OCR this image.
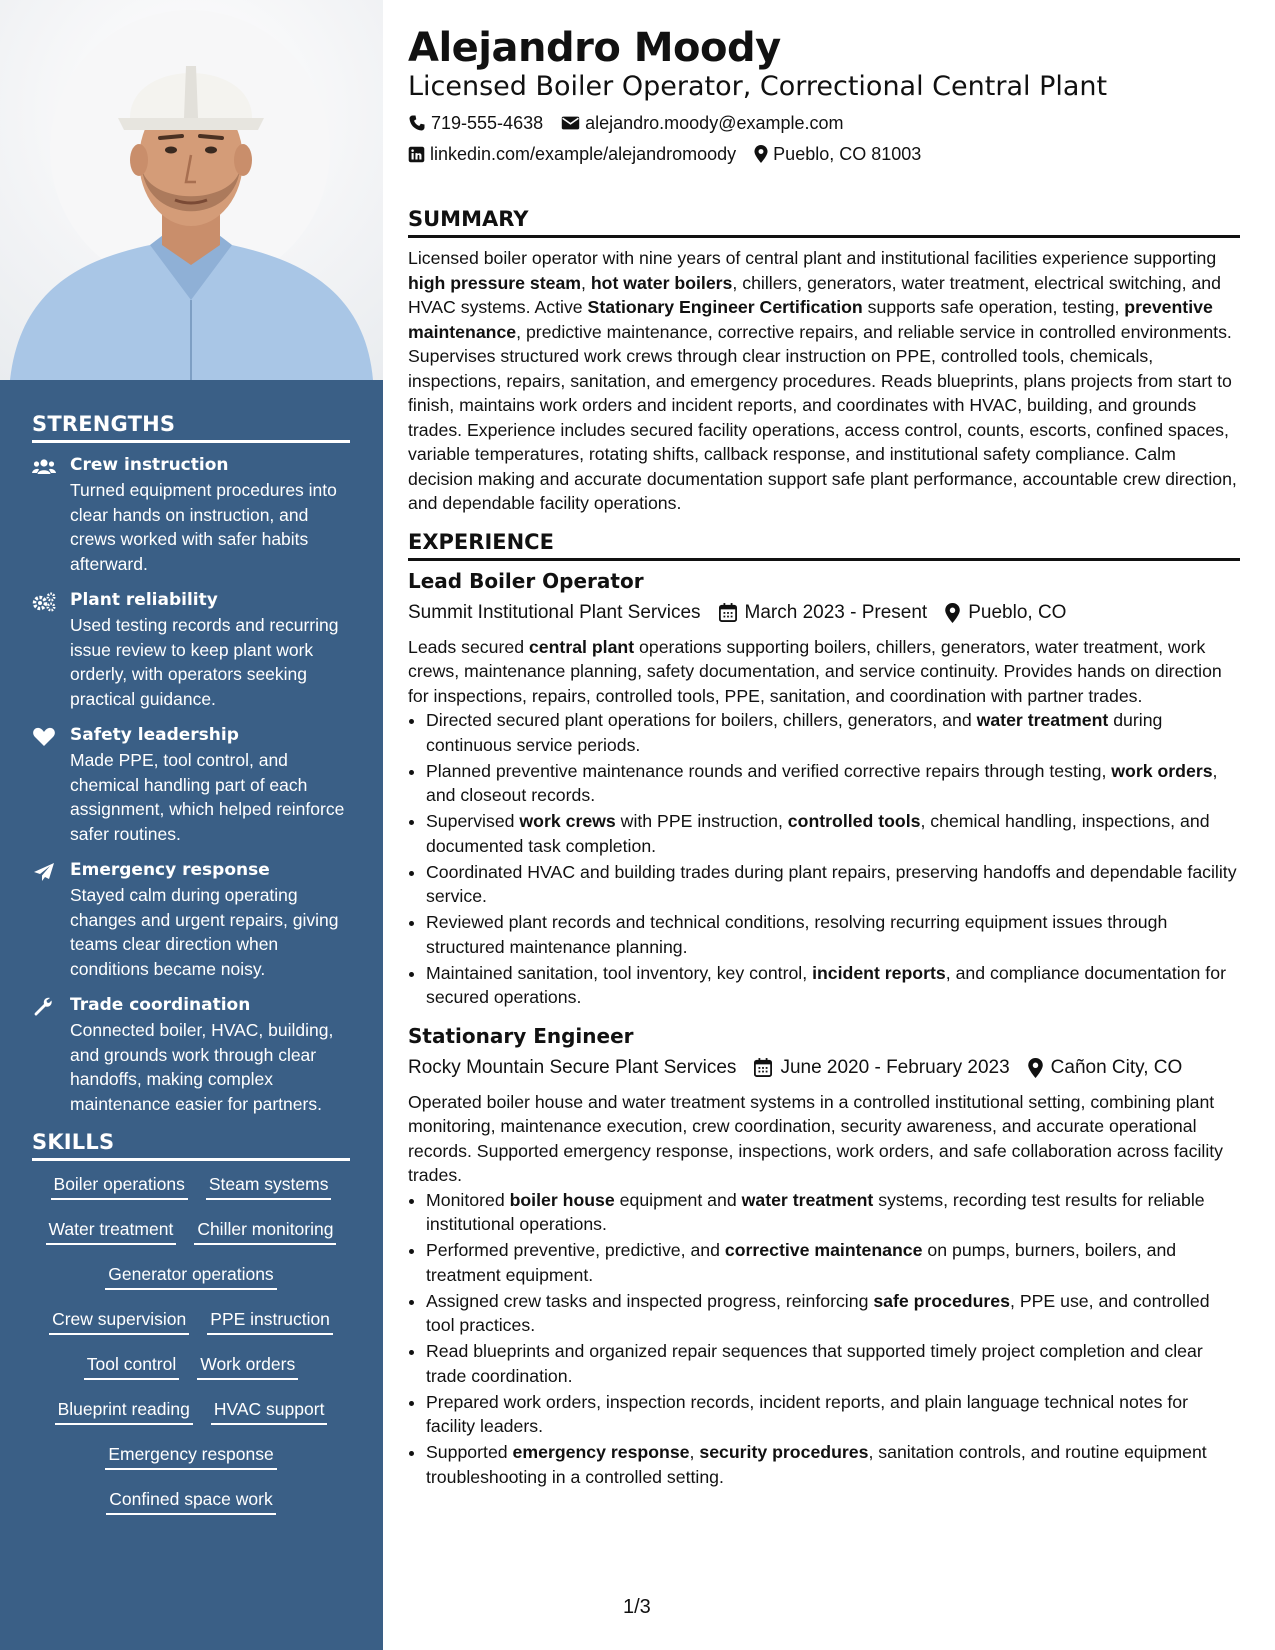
STRENGTHS
Crew instruction
Turned equipment procedures into clear hands on instruction, and crews worked with safer habits afterward.
Plant reliability
Used testing records and recurring issue review to keep plant work orderly, with operators seeking practical guidance.
Safety leadership
Made PPE, tool control, and chemical handling part of each assignment, which helped reinforce safer routines.
Emergency response
Stayed calm during operating changes and urgent repairs, giving teams clear direction when conditions became noisy.
Trade coordination
Connected boiler, HVAC, building, and grounds work through clear handoffs, making complex maintenance easier for partners.
SKILLS
Boiler operations Steam systems
Water treatment Chiller monitoring
Generator operations
Crew supervision PPE instruction
Tool control Work orders
Blueprint reading HVAC support
Emergency response
Confined space work
Alejandro Moody
Licensed Boiler Operator, Correctional Central Plant
719-555-4638 alejandro.moody@example.com
linkedin.com/example/alejandromoody Pueblo, CO 81003
SUMMARY
Licensed boiler operator with nine years of central plant and institutional facilities experience supporting high pressure steam, hot water boilers, chillers, generators, water treatment, electrical switching, and HVAC systems. Active Stationary Engineer Certification supports safe operation, testing, preventive maintenance, predictive maintenance, corrective repairs, and reliable service in controlled environments. Supervises structured work crews through clear instruction on PPE, controlled tools, chemicals, inspections, repairs, sanitation, and emergency procedures. Reads blueprints, plans projects from start to finish, maintains work orders and incident reports, and coordinates with HVAC, building, and grounds trades. Experience includes secured facility operations, access control, counts, escorts, confined spaces, variable temperatures, rotating shifts, callback response, and institutional safety compliance. Calm decision making and accurate documentation support safe plant performance, accountable crew direction, and dependable facility operations.
EXPERIENCE
Lead Boiler Operator
Summit Institutional Plant Services	March 2023 - Present	Pueblo, CO
Leads secured central plant operations supporting boilers, chillers, generators, water treatment, work crews, maintenance planning, safety documentation, and service continuity. Provides hands on direction for inspections, repairs, controlled tools, PPE, sanitation, and coordination with partner trades.
• Directed secured plant operations for boilers, chillers, generators, and water treatment during continuous service periods.
• Planned preventive maintenance rounds and verified corrective repairs through testing, work orders, and closeout records.
• Supervised work crews with PPE instruction, controlled tools, chemical handling, inspections, and documented task completion.
• Coordinated HVAC and building trades during plant repairs, preserving handoffs and dependable facility service.
• Reviewed plant records and technical conditions, resolving recurring equipment issues through structured maintenance planning.
• Maintained sanitation, tool inventory, key control, incident reports, and compliance documentation for secured operations.
Stationary Engineer
Rocky Mountain Secure Plant Services	June 2020 - February 2023	Cañon City, CO
Operated boiler house and water treatment systems in a controlled institutional setting, combining plant monitoring, maintenance execution, crew coordination, security awareness, and accurate operational records. Supported emergency response, inspections, work orders, and safe collaboration across facility trades.
• Monitored boiler house equipment and water treatment systems, recording test results for reliable institutional operations.
• Performed preventive, predictive, and corrective maintenance on pumps, burners, boilers, and treatment equipment.
• Assigned crew tasks and inspected progress, reinforcing safe procedures, PPE use, and controlled tool practices.
• Read blueprints and organized repair sequences that supported timely project completion and clear trade coordination.
• Prepared work orders, inspection records, incident reports, and plain language technical notes for facility leaders.
• Supported emergency response, security procedures, sanitation controls, and routine equipment troubleshooting in a controlled setting.
1/3
